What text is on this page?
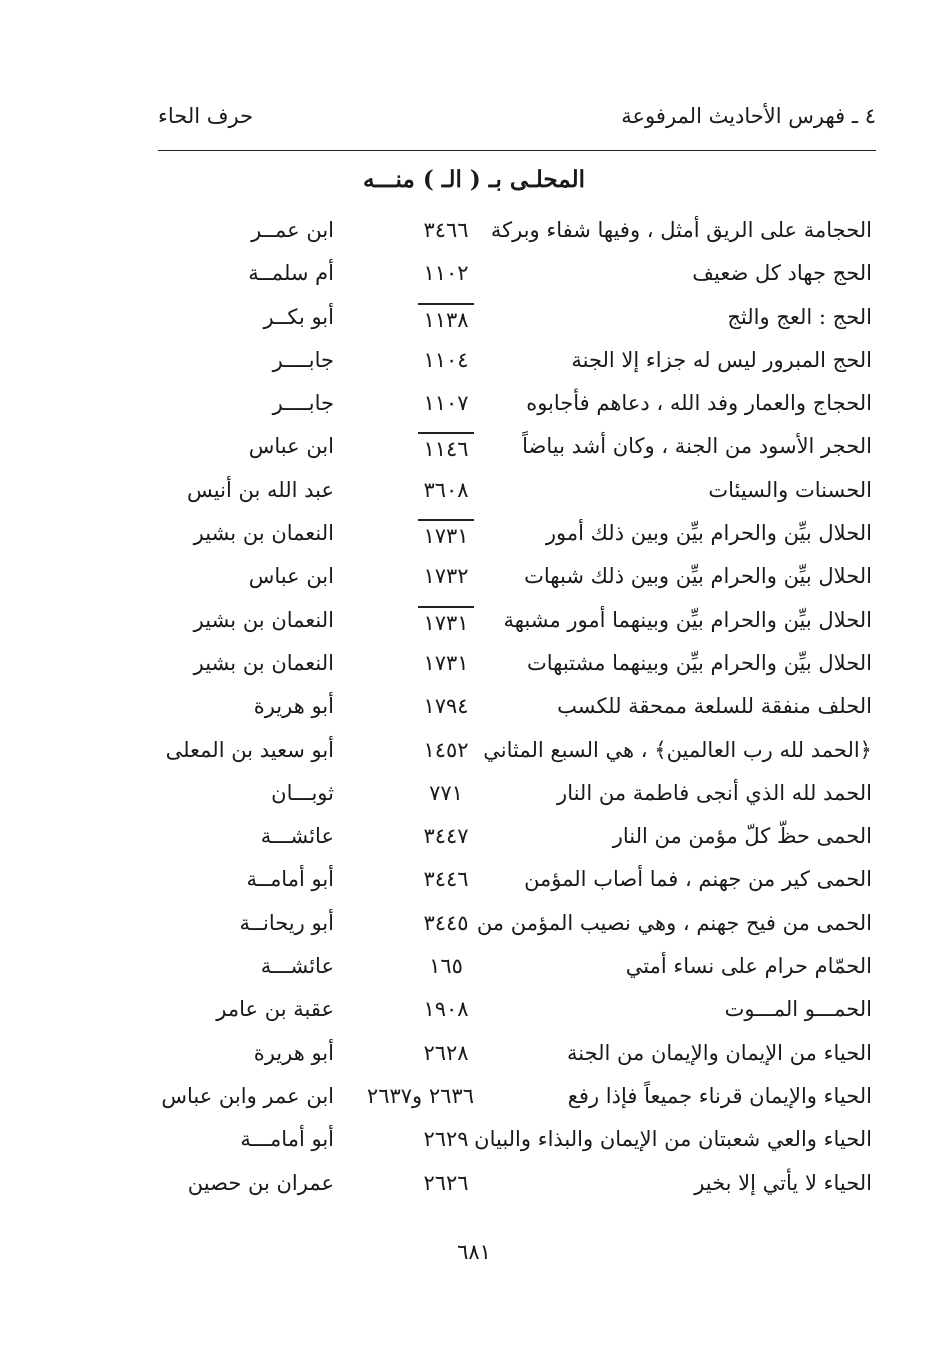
٤ ـ فهرس الأحاديث المرفوعة
حرف الحاء
المحلـى بـ ( الـ ) منـــه
الحجامة على الريق أمثل ، وفيها شفاء وبركة
٣٤٦٦
ابن عمــر
الحج جهاد كل ضعيف
١١٠٢
أم سلمــة
الحج : العج والثج
١١٣٨
أبو بكــر
الحج المبرور ليس له جزاء إلا الجنة
١١٠٤
جابــــر
الحجاج والعمار وفد الله ، دعاهم فأجابوه
١١٠٧
جابــــر
الحجر الأسود من الجنة ، وكان أشد بياضاً
١١٤٦
ابن عباس
الحسنات والسيئات
٣٦٠٨
عبد الله بن أنيس
الحلال بيِّن والحرام بيِّن وبين ذلك أمور
١٧٣١
النعمان بن بشير
الحلال بيِّن والحرام بيِّن وبين ذلك شبهات
١٧٣٢
ابن عباس
الحلال بيِّن والحرام بيِّن وبينهما أمور مشبهة
١٧٣١
النعمان بن بشير
الحلال بيِّن والحرام بيِّن وبينهما مشتبهات
١٧٣١
النعمان بن بشير
الحلف منفقة للسلعة ممحقة للكسب
١٧٩٤
أبو هريرة
﴿الحمد لله رب العالمين﴾ ، هي السبع المثاني
١٤٥٢
أبو سعيد بن المعلى
الحمد لله الذي أنجى فاطمة من النار
٧٧١
ثوبـــان
الحمى حظّ كلّ مؤمن من النار
٣٤٤٧
عائشـــة
الحمى كير من جهنم ، فما أصاب المؤمن
٣٤٤٦
أبو أمامــة
الحمى من فيح جهنم ، وهي نصيب المؤمن من
٣٤٤٥
أبو ريحانــة
الحمّام حرام على نساء أمتي
١٦٥
عائشـــة
الحمـــو المـــوت
١٩٠٨
عقبة بن عامر
الحياء من الإيمان والإيمان من الجنة
٢٦٢٨
أبو هريرة
الحياء والإيمان قرناء جميعاً فإذا رفع
٢٦٣٦ و٢٦٣٧
ابن عمر وابن عباس
الحياء والعي شعبتان من الإيمان والبذاء والبيان
٢٦٢٩
أبو أمامـــة
الحياء لا يأتي إلا بخير
٢٦٢٦
عمران بن حصين
٦٨١
